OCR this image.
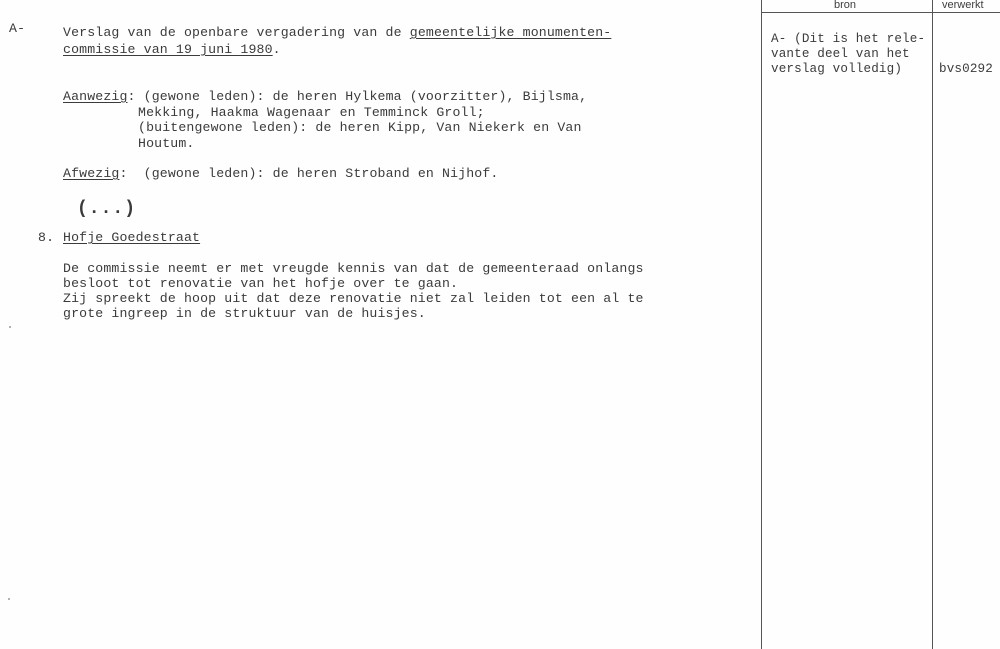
A-	Verslag van de openbare vergadering van de gemeentelijke monumenten-
commissie van 19 juni 1980.
Aanwezig: (gewone leden): de heren Hylkema (voorzitter), Bijlsma,
Mekking, Haakma Wagenaar en Temminck Groll;
(buitengewone leden): de heren Kipp, Van Niekerk en Van
Houtum.
Afwezig:  (gewone leden): de heren Stroband en Nijhof.
(...)
8. Hofje Goedestraat
De commissie neemt er met vreugde kennis van dat de gemeenteraad onlangs
besloot tot renovatie van het hofje over te gaan.
Zij spreekt de hoop uit dat deze renovatie niet zal leiden tot een al te
grote ingreep in de struktuur van de huisjes.
bron	verwerkt
A- (Dit is het rele-
vante deel van het
verslag volledig)	bvs0292
